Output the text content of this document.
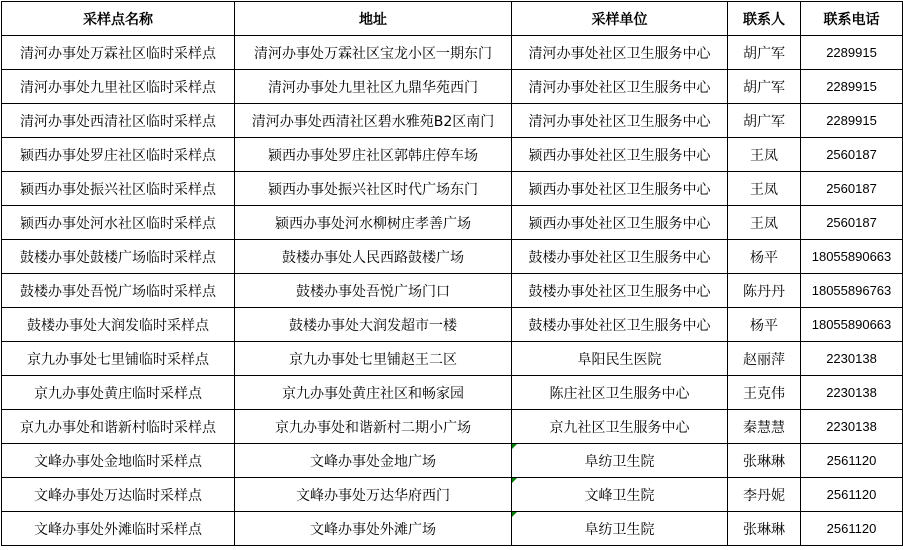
采样点名称	地址	采样单位	联系人	联系电话
清河办事处万霖社区临时采样点	清河办事处万霖社区宝龙小区一期东门	清河办事处社区卫生服务中心	胡广军	2289915
清河办事处九里社区临时采样点	清河办事处九里社区九鼎华苑西门	清河办事处社区卫生服务中心	胡广军	2289915
清河办事处西清社区临时采样点	清河办事处西清社区碧水雅苑B2区南门	清河办事处社区卫生服务中心	胡广军	2289915
颍西办事处罗庄社区临时采样点	颍西办事处罗庄社区郭韩庄停车场	颍西办事处社区卫生服务中心	王凤	2560187
颍西办事处振兴社区临时采样点	颍西办事处振兴社区时代广场东门	颍西办事处社区卫生服务中心	王凤	2560187
颍西办事处河水社区临时采样点	颍西办事处河水柳树庄孝善广场	颍西办事处社区卫生服务中心	王凤	2560187
鼓楼办事处鼓楼广场临时采样点	鼓楼办事处人民西路鼓楼广场	鼓楼办事处社区卫生服务中心	杨平	18055890663
鼓楼办事处吾悦广场临时采样点	鼓楼办事处吾悦广场门口	鼓楼办事处社区卫生服务中心	陈丹丹	18055896763
鼓楼办事处大润发临时采样点	鼓楼办事处大润发超市一楼	鼓楼办事处社区卫生服务中心	杨平	18055890663
京九办事处七里铺临时采样点	京九办事处七里铺赵王二区	阜阳民生医院	赵丽萍	2230138
京九办事处黄庄临时采样点	京九办事处黄庄社区和畅家园	陈庄社区卫生服务中心	王克伟	2230138
京九办事处和谐新村临时采样点	京九办事处和谐新村二期小广场	京九社区卫生服务中心	秦慧慧	2230138
文峰办事处金地临时采样点	文峰办事处金地广场	阜纺卫生院	张琳琳	2561120
文峰办事处万达临时采样点	文峰办事处万达华府西门	文峰卫生院	李丹妮	2561120
文峰办事处外滩临时采样点	文峰办事处外滩广场	阜纺卫生院	张琳琳	2561120
